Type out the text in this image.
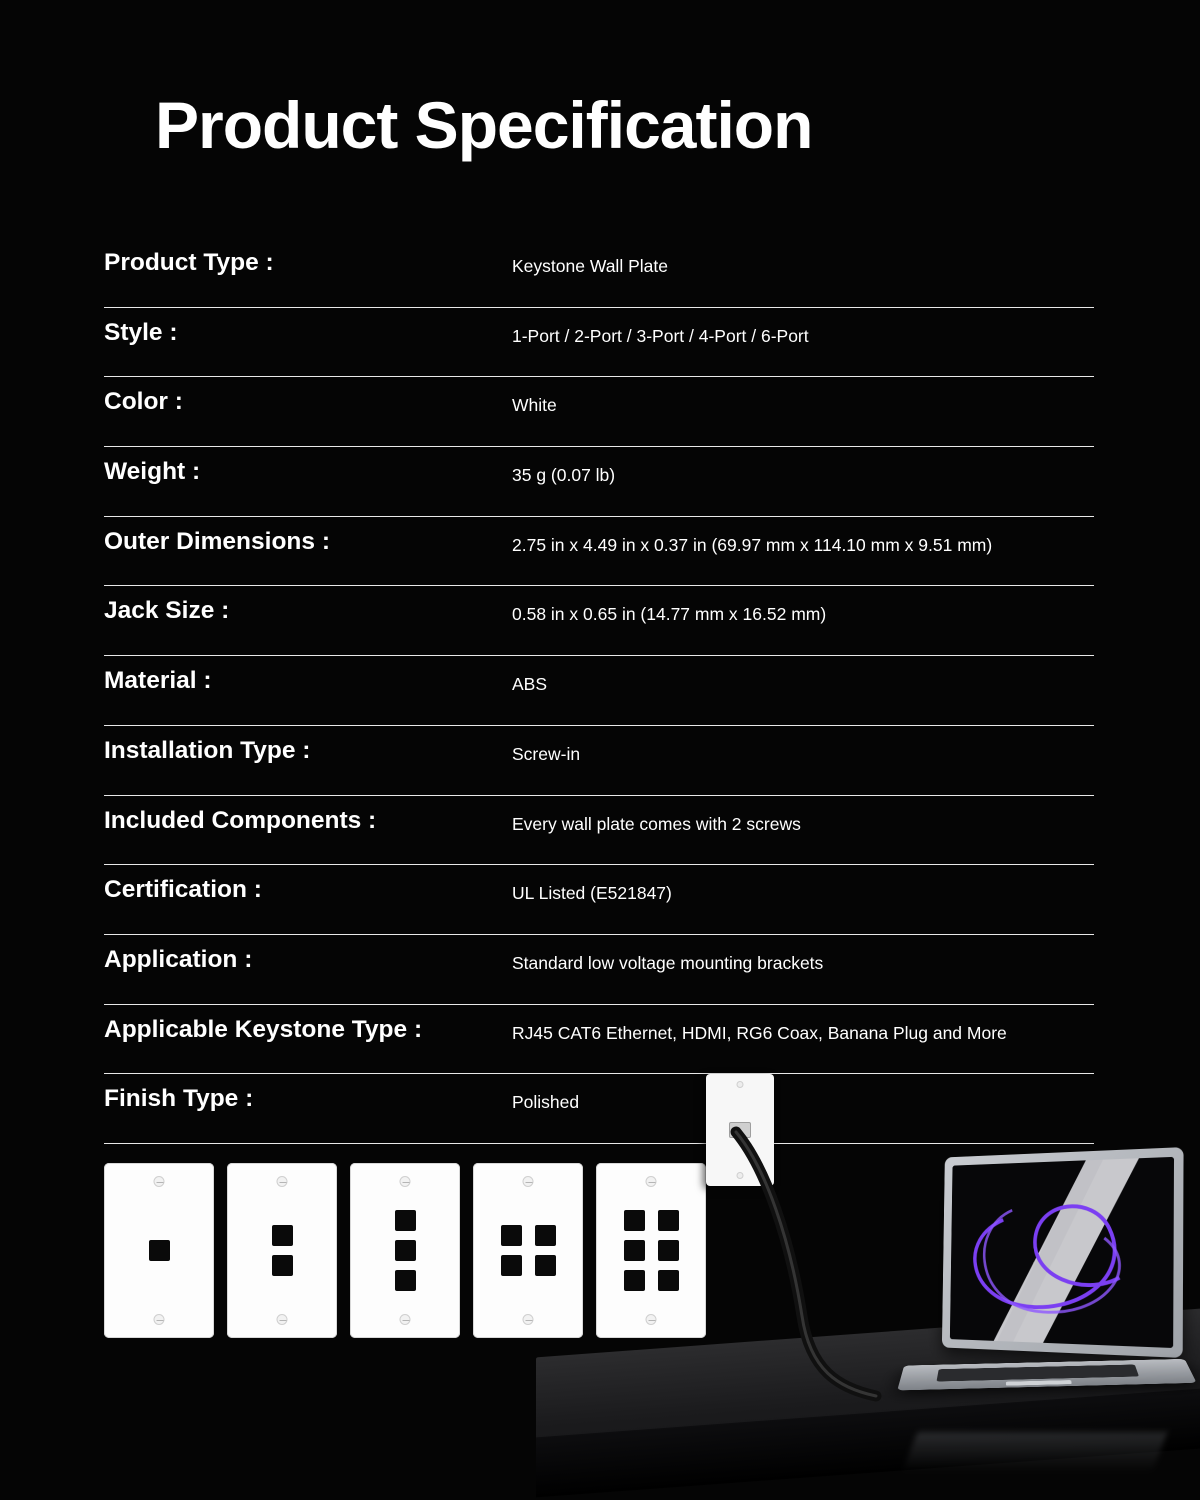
Product Specification
Product Type :	Keystone Wall Plate
Style :	1-Port / 2-Port / 3-Port / 4-Port / 6-Port
Color :	White
Weight :	35 g (0.07 lb)
Outer Dimensions :	2.75 in x 4.49 in x 0.37 in (69.97 mm x 114.10 mm x 9.51 mm)
Jack Size :	0.58 in x 0.65 in (14.77 mm x 16.52 mm)
Material :	ABS
Installation Type :	Screw-in
Included Components :	Every wall plate comes with 2 screws
Certification :	UL Listed (E521847)
Application :	Standard low voltage mounting brackets
Applicable Keystone Type :	RJ45 CAT6 Ethernet, HDMI, RG6 Coax, Banana Plug and More
Finish Type :	Polished
